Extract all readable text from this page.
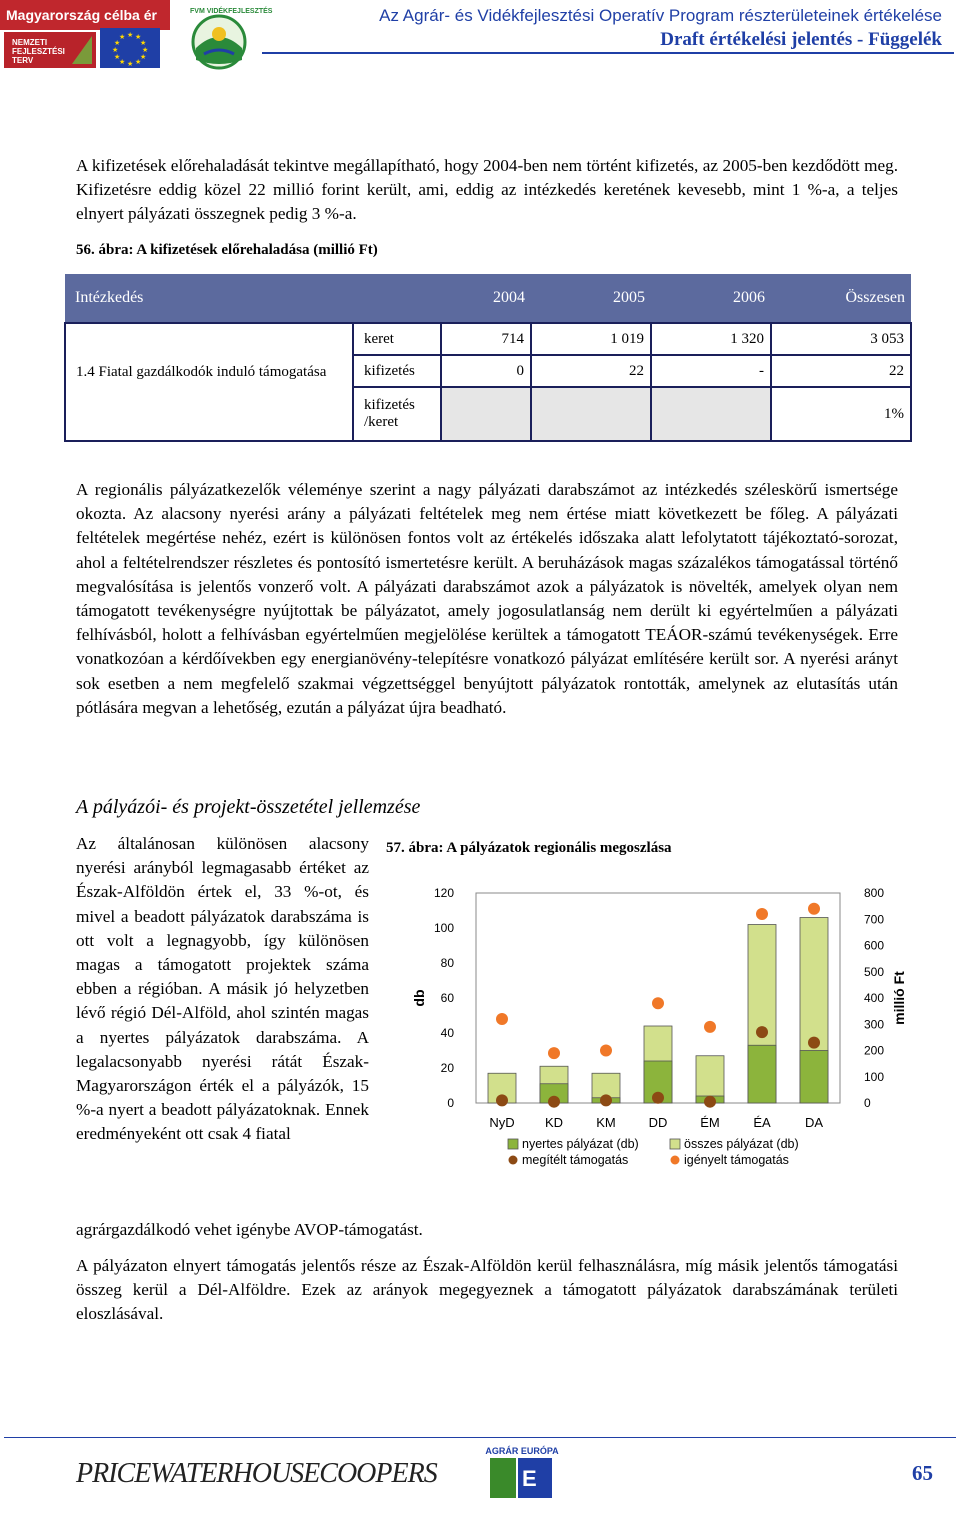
Magyarország célba ér
NEMZETI FEJLESZTÉSI TERV
★ ★
★
★
★
★
★
★
★
★
★
★
FVM VIDÉKFEJLESZTÉS	Az Agrár- és Vidékfejlesztési Operatív Program részterületeinek értékelése
Draft értékelési jelentés - Függelék
A kifizetések előrehaladását tekintve megállapítható, hogy 2004-ben nem történt kifizetés, az 2005-ben kezdődött meg. Kifizetésre eddig közel 22 millió forint került, ami, eddig az intézkedés keretének kevesebb, mint 1 %-a, a teljes elnyert pályázati összegnek pedig 3 %-a.
56. ábra: A kifizetések előrehaladása (millió Ft)
Intézkedés		2004	2005	2006	Összesen
1.4 Fiatal gazdálkodók induló támogatása	keret	714	1 019	1 320	3 053
	kifizetés	0	22	-	22
	kifizetés /keret				1%
A regionális pályázatkezelők véleménye szerint a nagy pályázati darabszámot az intézkedés széleskörű ismertsége okozta. Az alacsony nyerési arány a pályázati feltételek meg nem értése miatt következett be főleg. A pályázati feltételek megértése nehéz, ezért is különösen fontos volt az értékelés időszaka alatt lefolytatott tájékoztató-sorozat, ahol a feltételrendszer részletes és pontosító ismertetésre került. A beruházások magas százalékos támogatással történő megvalósítása is jelentős vonzerő volt. A pályázati darabszámot azok a pályázatok is növelték, amelyek olyan nem támogatott tevékenységre nyújtottak be pályázatot, amely jogosulatlanság nem derült ki egyértelműen a pályázati felhívásból, holott a felhívásban egyértelműen megjelölése kerültek a támogatott TEÁOR-számú tevékenységek. Erre vonatkozóan a kérdőívekben egy energianövény-telepítésre vonatkozó pályázat említésére került sor. A nyerési arányt sok esetben a nem megfelelő szakmai végzettséggel benyújtott pályázatok rontották, amelynek az elutasítás után pótlására megvan a lehetőség, ezután a pályázat újra beadható.
A pályázói- és projekt-összetétel jellemzése
Az általánosan különösen alacsony nyerési arányból legmagasabb értéket az Észak-Alföldön értek el, 33 %-ot, és mivel a beadott pályázatok darabszáma is ott volt a legnagyobb, így különösen magas a támogatott projektek száma ebben a régióban. A másik jó helyzetben lévő régió Dél-Alföld, ahol szintén magas a nyertes pályázatok darabszáma. A legalacsonyabb nyerési rátát Észak-Magyarországon érték el a pályázók, 15 %-a nyert a beadott pályázatoknak. Ennek eredményeként ott csak 4 fiatal
agrárgazdálkodó vehet igénybe AVOP-támogatást.
57. ábra: A pályázatok regionális megoszlása
0
20
40
60
80
100
120
0
100
200
300
400
500
600
700
800
db	millió Ft
NyD KD	KM	DD	ÉM	ÉA	DA
nyertes pályázat (db)	összes pályázat (db)
megítélt támogatás	igényelt támogatás
A pályázaton elnyert támogatás jelentős része az Észak-Alföldön kerül felhasználásra, míg másik jelentős támogatási összeg kerül a Dél-Alföldre. Ezek az arányok megegyeznek a támogatott pályázatok darabszámának területi eloszlásával.
PRICEWATERHOUSECOOPERS
AGRÁR EURÓPA
E	65
